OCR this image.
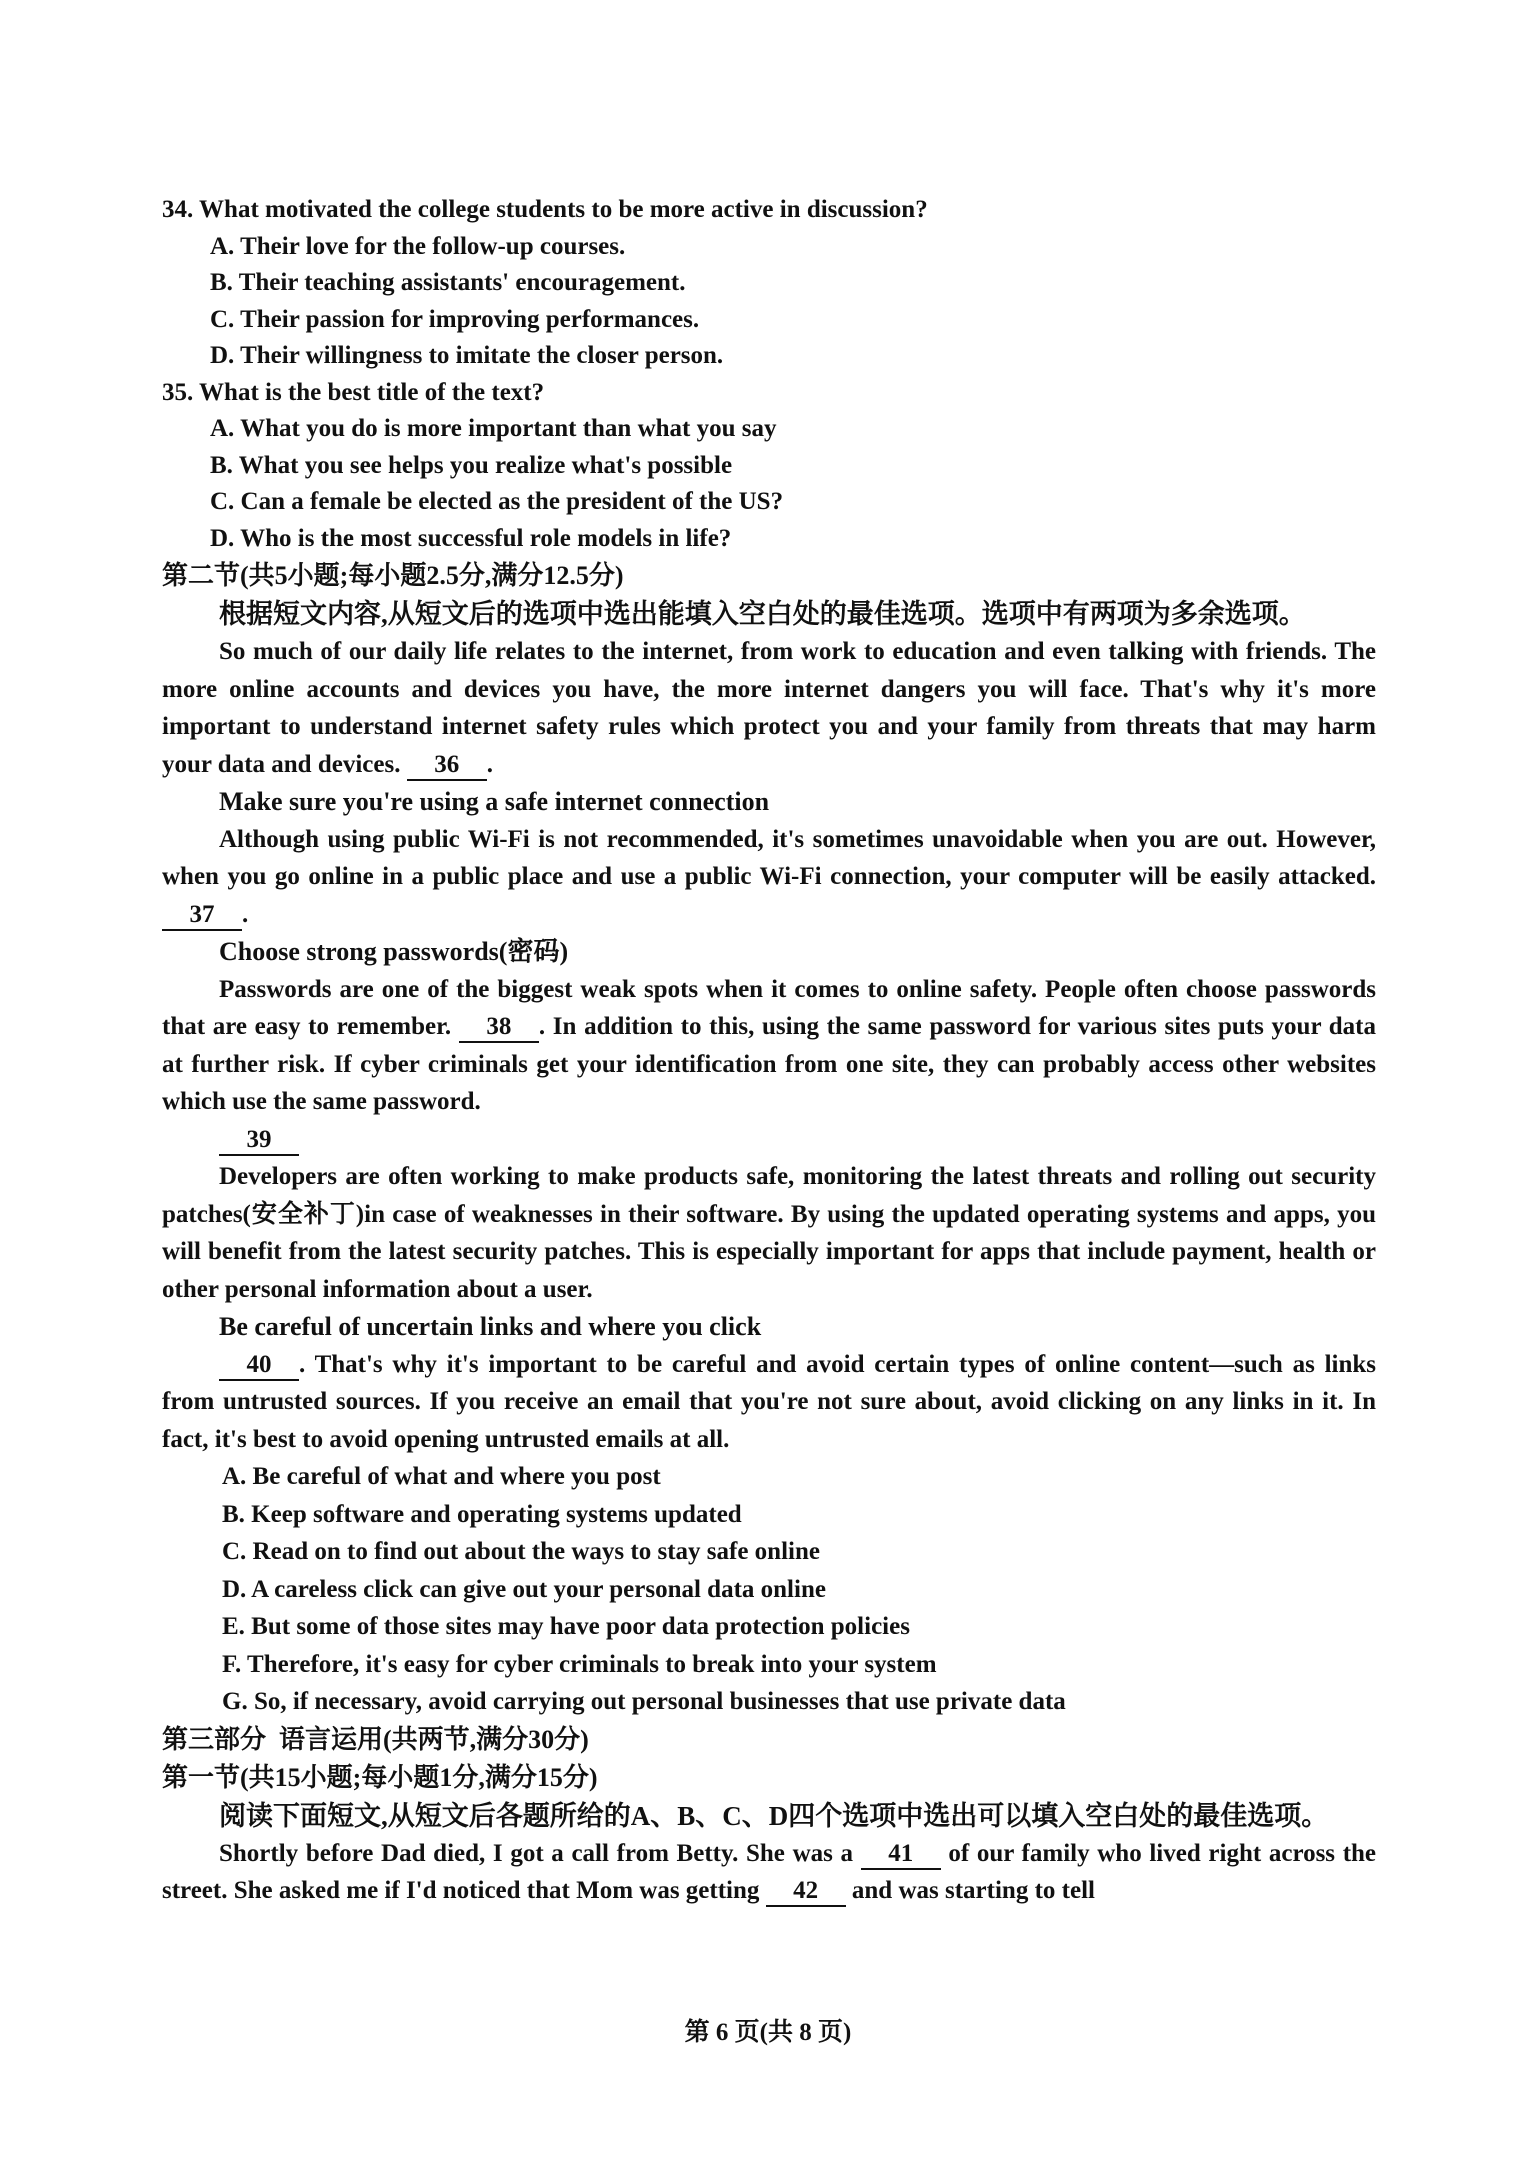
34. What motivated the college students to be more active in discussion?
A. Their love for the follow-up courses.
B. Their teaching assistants' encouragement.
C. Their passion for improving performances.
D. Their willingness to imitate the closer person.
35. What is the best title of the text?
A. What you do is more important than what you say
B. What you see helps you realize what's possible
C. Can a female be elected as the president of the US?
D. Who is the most successful role models in life?
第二节(共5小题;每小题2.5分,满分12.5分)
根据短文内容,从短文后的选项中选出能填入空白处的最佳选项。选项中有两项为多余选项。
So much of our daily life relates to the internet, from work to education and even talking with friends. The more online accounts and devices you have, the more internet dangers you will face. That's why it's more important to understand internet safety rules which protect you and your family from threats that may harm your data and devices. 36 .
Make sure you're using a safe internet connection
Although using public Wi-Fi is not recommended, it's sometimes unavoidable when you are out. However, when you go online in a public place and use a public Wi-Fi connection, your computer will be easily attacked. 37 .
Choose strong passwords(密码)
Passwords are one of the biggest weak spots when it comes to online safety. People often choose passwords that are easy to remember. 38 . In addition to this, using the same password for various sites puts your data at further risk. If cyber criminals get your identification from one site, they can probably access other websites which use the same password.
39
Developers are often working to make products safe, monitoring the latest threats and rolling out security patches(安全补丁)in case of weaknesses in their software. By using the updated operating systems and apps, you will benefit from the latest security patches. This is especially important for apps that include payment, health or other personal information about a user.
Be careful of uncertain links and where you click
40 . That's why it's important to be careful and avoid certain types of online content—such as links from untrusted sources. If you receive an email that you're not sure about, avoid clicking on any links in it. In fact, it's best to avoid opening untrusted emails at all.
A. Be careful of what and where you post
B. Keep software and operating systems updated
C. Read on to find out about the ways to stay safe online
D. A careless click can give out your personal data online
E. But some of those sites may have poor data protection policies
F. Therefore, it's easy for cyber criminals to break into your system
G. So, if necessary, avoid carrying out personal businesses that use private data
第三部分  语言运用(共两节,满分30分)
第一节(共15小题;每小题1分,满分15分)
阅读下面短文,从短文后各题所给的A、B、C、D四个选项中选出可以填入空白处的最佳选项。
Shortly before Dad died, I got a call from Betty. She was a 41 of our family who lived right across the street. She asked me if I'd noticed that Mom was getting 42 and was starting to tell
第 6 页(共 8 页)
